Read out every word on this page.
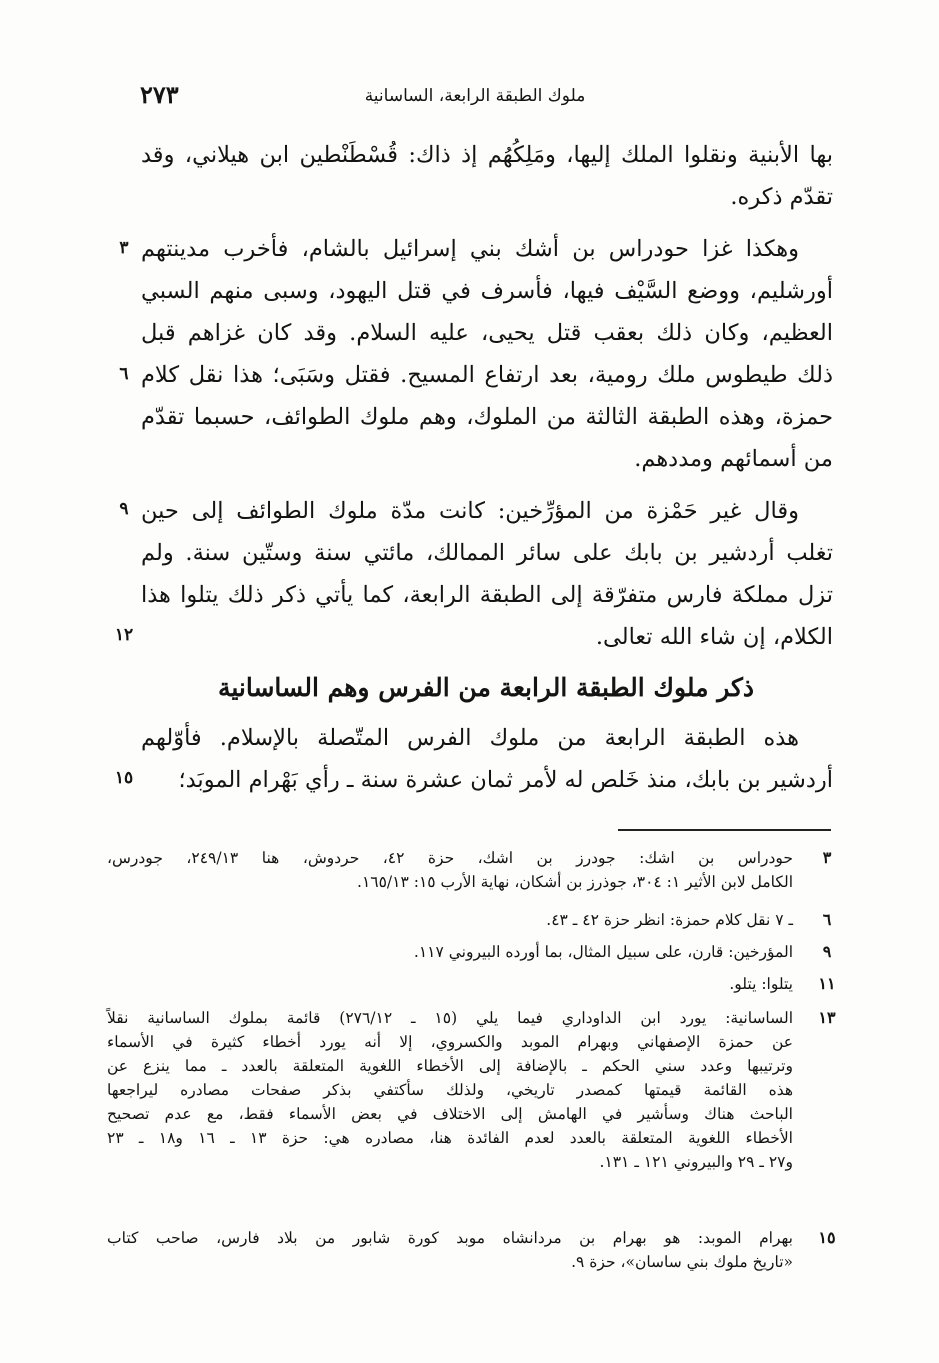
ملوك الطبقة الرابعة، الساسانية
٢٧٣
بها الأبنية ونقلوا الملك إليها، ومَلِكُهُم إذ ذاك: قُسْطَنْطين ابن هيلاني، وقد
تقدّم ذكره.
وهكذا غزا حودراس بن أشك بني إسرائيل بالشام، فأخرب مدينتهم
أورشليم، ووضع السَّيْف فيها، فأسرف في قتل اليهود، وسبى منهم السبي
العظيم، وكان ذلك بعقب قتل يحيى، عليه السلام. وقد كان غزاهم قبل
ذلك طيطوس ملك رومية، بعد ارتفاع المسيح. فقتل وسَبَى؛ هذا نقل كلام
حمزة، وهذه الطبقة الثالثة من الملوك، وهم ملوك الطوائف، حسبما تقدّم
من أسمائهم ومددهم.
وقال غير حَمْزة من المؤرِّخين: كانت مدّة ملوك الطوائف إلى حين
تغلب أردشير بن بابك على سائر الممالك، مائتي سنة وستّين سنة. ولم
تزل مملكة فارس متفرّقة إلى الطبقة الرابعة، كما يأتي ذكر ذلك يتلوا هذا
الكلام، إن شاء الله تعالى.
ذكر ملوك الطبقة الرابعة من الفرس وهم الساسانية
هذه الطبقة الرابعة من ملوك الفرس المتّصلة بالإسلام. فأوّلهم
أردشير بن بابك، منذ خَلص له لأمر ثمان عشرة سنة ـ رأي بَهْرام الموبَد؛
٣
٦
٩
١٢
١٥
٣
حودراس بن اشك: جودرز بن اشك، حزة ٤٢، حردوش، هنا ٢٤٩/١٣، جودرس،
الكامل لابن الأثير ١: ٣٠٤، جوذرز بن أشكان، نهاية الأرب ١٥: ١٦٥/١٣.
٦
ـ ٧ نقل كلام حمزة: انظر حزة ٤٢ ـ ٤٣.
٩
المؤرخين: قارن، على سبيل المثال، بما أورده البيروني ١١٧.
١١
يتلوا: يتلو.
١٣
الساسانية: يورد ابن الداوداري فيما يلي (١٥ ـ ٢٧٦/١٢) قائمة بملوك الساسانية نقلاً
عن حمزة الإصفهاني وبهرام الموبد والكسروي، إلا أنه يورد أخطاء كثيرة في الأسماء
وترتيبها وعدد سني الحكم ـ بالإضافة إلى الأخطاء اللغوية المتعلقة بالعدد ـ مما ينزع عن
هذه القائمة قيمتها كمصدر تاريخي، ولذلك سأكتفي بذكر صفحات مصادره ليراجعها
الباحث هناك وسأشير في الهامش إلى الاختلاف في بعض الأسماء فقط، مع عدم تصحيح
الأخطاء اللغوية المتعلقة بالعدد لعدم الفائدة هنا، مصادره هي: حزة ١٣ ـ ١٦ و١٨ ـ ٢٣
و٢٧ ـ ٢٩ والبيروني ١٢١ ـ ١٣١.
١٥
بهرام الموبد: هو بهرام بن مردانشاه موبد كورة شابور من بلاد فارس، صاحب كتاب
«تاريخ ملوك بني ساسان»، حزة ٩.
